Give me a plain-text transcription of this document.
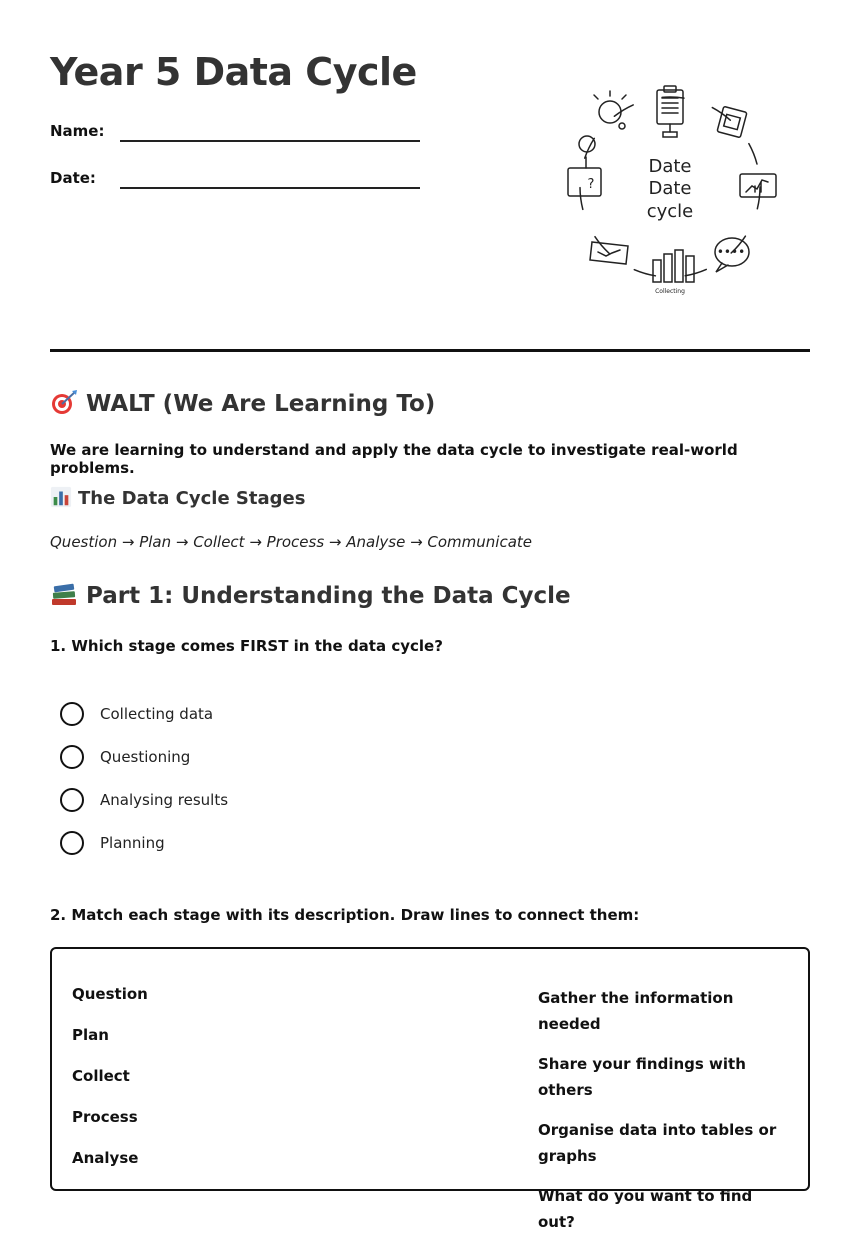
Year 5 Data Cycle
Name:
Date:
Date
Date
cycle
Collecting
?
••••
WALT (We Are Learning To)
We are learning to understand and apply the data cycle to investigate real-world problems.
The Data Cycle Stages
Question → Plan → Collect → Process → Analyse → Communicate
Part 1: Understanding the Data Cycle
1. Which stage comes FIRST in the data cycle?
Collecting data
Questioning
Analysing results
Planning
2. Match each stage with its description. Draw lines to connect them:
Question
Plan
Collect
Process
Analyse
Gather the information needed
Share your findings with others
Organise data into tables or graphs
What do you want to find out?
